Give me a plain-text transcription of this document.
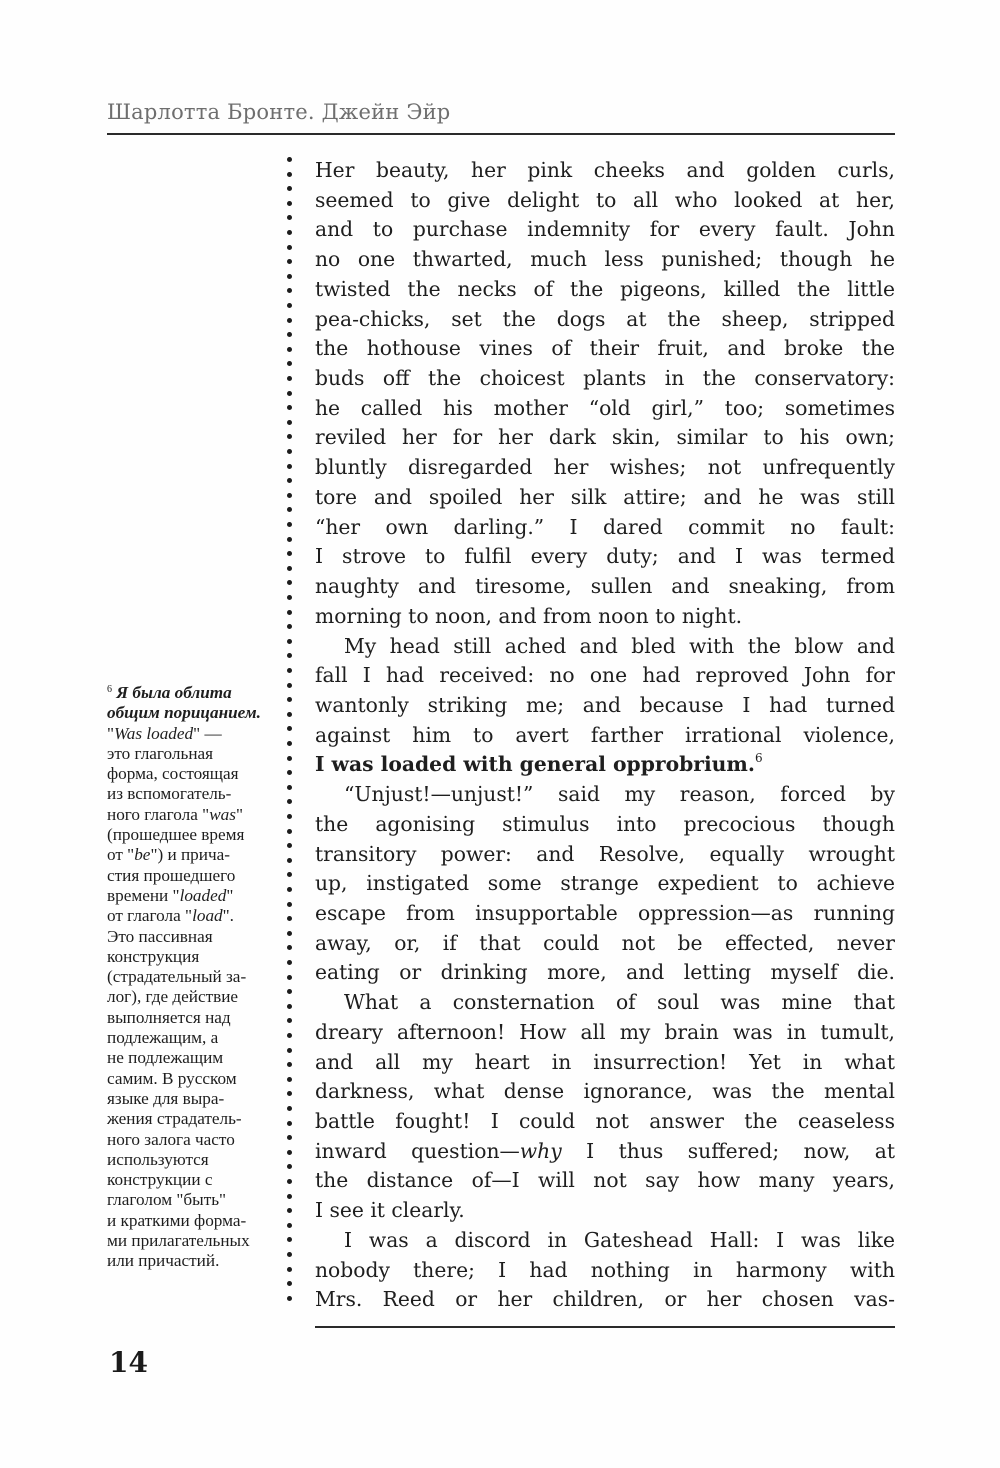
Шарлотта Бронте. Джейн Эйр
Her beauty, her pink cheeks and golden curls,
seemed to give delight to all who looked at her,
and to purchase indemnity for every fault. John
no one thwarted, much less punished; though he
twisted the necks of the pigeons, killed the little
pea-chicks, set the dogs at the sheep, stripped
the hothouse vines of their fruit, and broke the
buds off the choicest plants in the conservatory:
he called his mother “old girl,” too; sometimes
reviled her for her dark skin, similar to his own;
bluntly disregarded her wishes; not unfrequently
tore and spoiled her silk attire; and he was still
“her own darling.” I dared commit no fault:
I strove to fulfil every duty; and I was termed
naughty and tiresome, sullen and sneaking, from
morning to noon, and from noon to night.
My head still ached and bled with the blow and
fall I had received: no one had reproved John for
wantonly striking me; and because I had turned
against him to avert farther irrational violence,
I was loaded with general opprobrium.$^6$
“Unjust!—unjust!” said my reason, forced by
the agonising stimulus into precocious though
transitory power: and Resolve, equally wrought
up, instigated some strange expedient to achieve
escape from insupportable oppression—as running
away, or, if that could not be effected, never
eating or drinking more, and letting myself die.
What a consternation of soul was mine that
dreary afternoon! How all my brain was in tumult,
and all my heart in insurrection! Yet in what
darkness, what dense ignorance, was the mental
battle fought! I could not answer the ceaseless
inward question—why I thus suffered; now, at
the distance of—I will not say how many years,
I see it clearly.
I was a discord in Gateshead Hall: I was like
nobody there; I had nothing in harmony with
Mrs. Reed or her children, or her chosen vas-
$^6$ Я была облита
общим порицанием.
"Was loaded" —
это глагольная
форма, состоящая
из вспомогатель-
ного глагола "was"
(прошедшее время
от "be") и прича-
стия прошедшего
времени "loaded"
от глагола "load".
Это пассивная
конструкция
(страдательный за-
лог), где действие
выполняется над
подлежащим, а
не подлежащим
самим. В русском
языке для выра-
жения страдатель-
ного залога часто
используются
конструкции с
глаголом "быть"
и краткими форма-
ми прилагательных
или причастий.
14
